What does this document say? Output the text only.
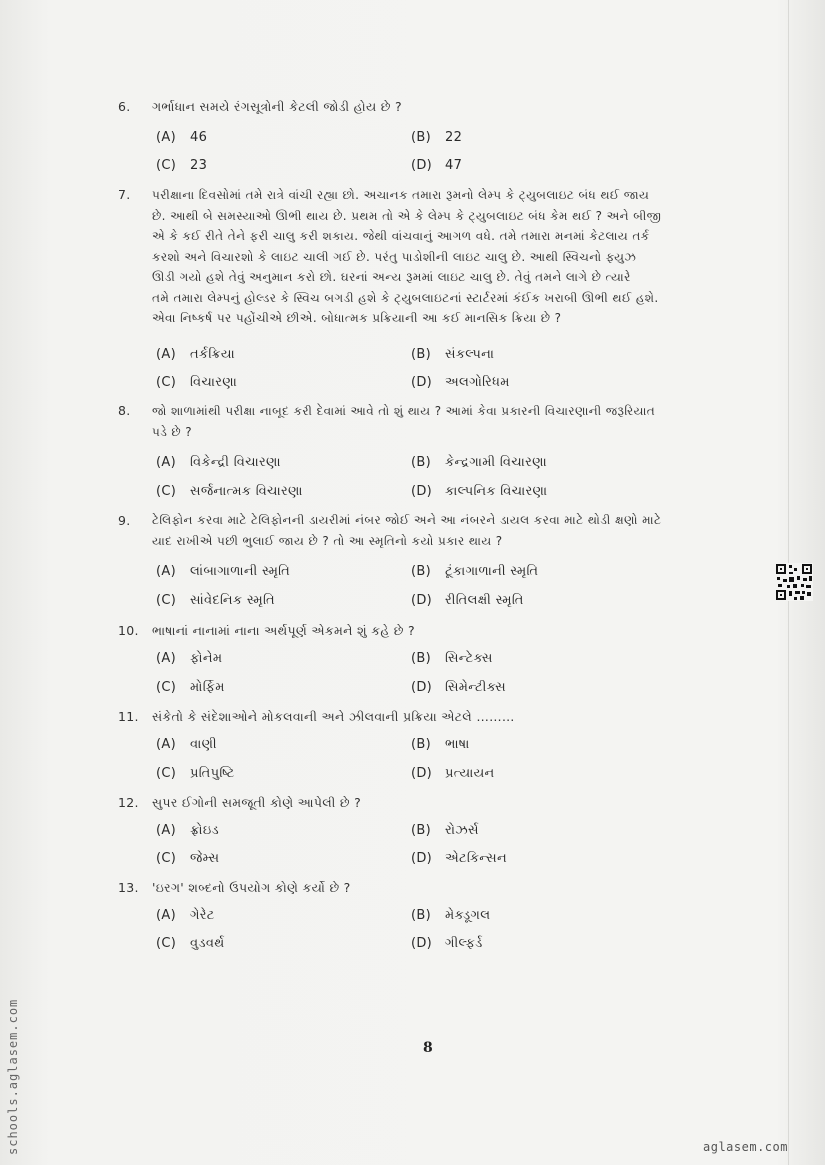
6. ગર્ભાધાન સમયે રંગસૂત્રોની કેટલી જોડી હોય છે ?
(A) 46	(B) 22
(C) 23	(D) 47
7.	પરીક્ષાના દિવસોમાં તમે રાત્રે વાંચી રહ્યા છો. અચાનક તમારા રૂમનો લેમ્પ કે ટ્યુબલાઇટ બંધ થઈ જાય
છે. આથી બે સમસ્યાઓ ઊભી થાય છે. પ્રથમ તો એ કે લેમ્પ કે ટ્યુબલાઇટ બંધ કેમ થઈ ? અને બીજી
એ કે કઈ રીતે તેને ફરી ચાલુ કરી શકાય. જેથી વાંચવાનું આગળ વધે. તમે તમારા મનમાં કેટલાય તર્ક
કરશો અને વિચારશો કે લાઇટ ચાલી ગઈ છે. પરંતુ પાડોશીની લાઇટ ચાલુ છે. આથી સ્વિચનો ફ્યુઝ
ઊડી ગયો હશે તેવું અનુમાન કરો છો. ઘરનાં અન્ય રૂમમાં લાઇટ ચાલુ છે. તેવું તમને લાગે છે ત્યારે
તમે તમારા લેમ્પનું હોલ્ડર કે સ્વિચ બગડી હશે કે ટ્યુબલાઇટનાં સ્ટાર્ટરમાં કંઈક ખરાબી ઊભી થઈ હશે.
એવા નિષ્કર્ષ પર પહોંચીએ છીએ. બોધાત્મક પ્રક્રિયાની આ કઈ માનસિક ક્રિયા છે ?
(A) તર્કક્રિયા	(B) સંકલ્પના
(C) વિચારણા	(D) અલગોરિધમ
8.	જો શાળામાંથી પરીક્ષા નાબૂદ કરી દેવામાં આવે તો શું થાય ? આમાં કેવા પ્રકારની વિચારણાની જરૂરિયાત
પડે છે ?
(A) વિકેન્દ્રી વિચારણા	(B) કેન્દ્રગામી વિચારણા
(C) સર્જનાત્મક વિચારણા	(D) કાલ્પનિક વિચારણા
9.	ટેલિફોન કરવા માટે ટેલિફોનની ડાયરીમાં નંબર જોઈ અને આ નંબરને ડાયલ કરવા માટે થોડી ક્ષણો માટે
યાદ રાખીએ પછી ભુલાઈ જાય છે ? તો આ સ્મૃતિનો કયો પ્રકાર થાય ?
(A) લાંબાગાળાની સ્મૃતિ	(B) ટૂંકાગાળાની સ્મૃતિ
(C) સાંવેદનિક સ્મૃતિ	(D) રીતિલક્ષી સ્મૃતિ
10. ભાષાનાં નાનામાં નાના અર્થપૂર્ણ એકમને શું કહે છે ?
(A) ફોનેમ	(B) સિન્ટેક્સ
(C) મોર્ફિમ	(D) સિમેન્ટીક્સ
11. સંકેતો કે સંદેશાઓને મોકલવાની અને ઝીલવાની પ્રક્રિયા એટલે ………
(A) વાણી	(B) ભાષા
(C) પ્રતિપુષ્ટિ	(D) પ્રત્યાયન
12. સુપર ઈગોની સમજૂતી કોણે આપેલી છે ?
(A) ફ્રોઇડ	(B) રોઝર્સ
(C) જેમ્સ	(D) એટકિન્સન
13. 'ઇરગ' શબ્દનો ઉપયોગ કોણે કર્યો છે ?
(A) ગેરેટ	(B) મેક્ડૂગલ
(C) વુડવર્થ	(D) ગીલ્ફર્ડ
8
schools.aglasem.com	aglasem.com
